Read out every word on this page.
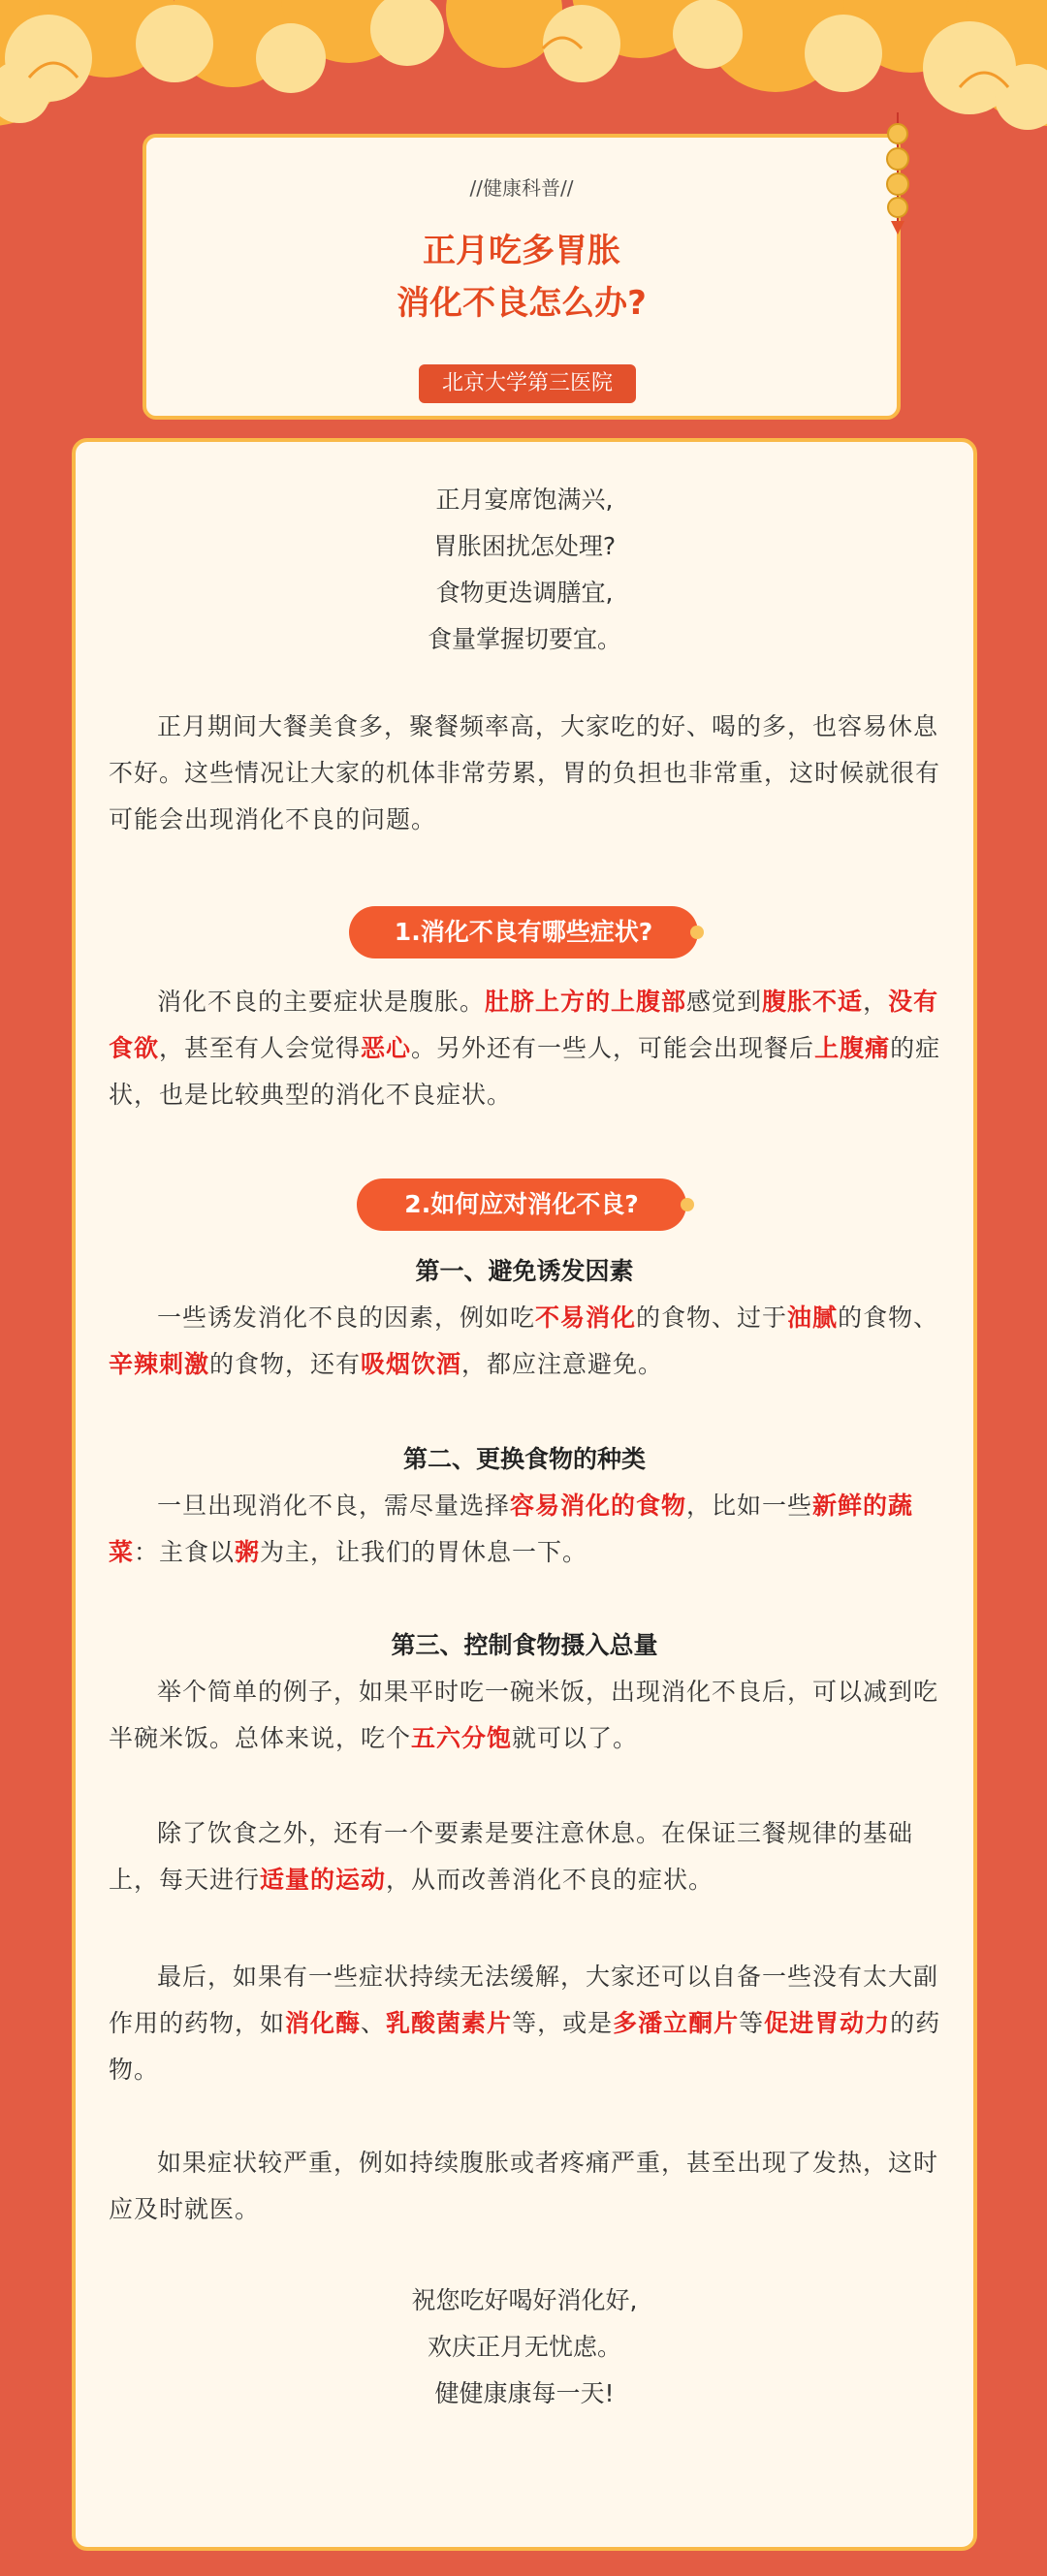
//健康科普//
正月吃多胃胀
消化不良怎么办?
北京大学第三医院
正月宴席饱满兴,
胃胀困扰怎处理?
食物更迭调膳宜,
食量掌握切要宜。

正月期间大餐美食多，聚餐频率高，大家吃的好、喝的多，也容易休息不好。这些情况让大家的机体非常劳累，胃的负担也非常重，这时候就很有可能会出现消化不良的问题。

1.消化不良有哪些症状?

消化不良的主要症状是腹胀。肚脐上方的上腹部感觉到腹胀不适，没有食欲，甚至有人会觉得恶心。另外还有一些人，可能会出现餐后上腹痛的症状，也是比较典型的消化不良症状。

2.如何应对消化不良?
第一、避免诱发因素

一些诱发消化不良的因素，例如吃不易消化的食物、过于油腻的食物、辛辣刺激的食物，还有吸烟饮酒，都应注意避免。

第二、更换食物的种类

一旦出现消化不良，需尽量选择容易消化的食物，比如一些新鲜的蔬菜：主食以粥为主，让我们的胃休息一下。

第三、控制食物摄入总量

举个简单的例子，如果平时吃一碗米饭，出现消化不良后，可以减到吃半碗米饭。总体来说，吃个五六分饱就可以了。

除了饮食之外，还有一个要素是要注意休息。在保证三餐规律的基础上，每天进行适量的运动，从而改善消化不良的症状。

最后，如果有一些症状持续无法缓解，大家还可以自备一些没有太大副作用的药物，如消化酶、乳酸菌素片等，或是多潘立酮片等促进胃动力的药物。

如果症状较严重，例如持续腹胀或者疼痛严重，甚至出现了发热，这时应及时就医。

祝您吃好喝好消化好,
欢庆正月无忧虑。
健健康康每一天!
